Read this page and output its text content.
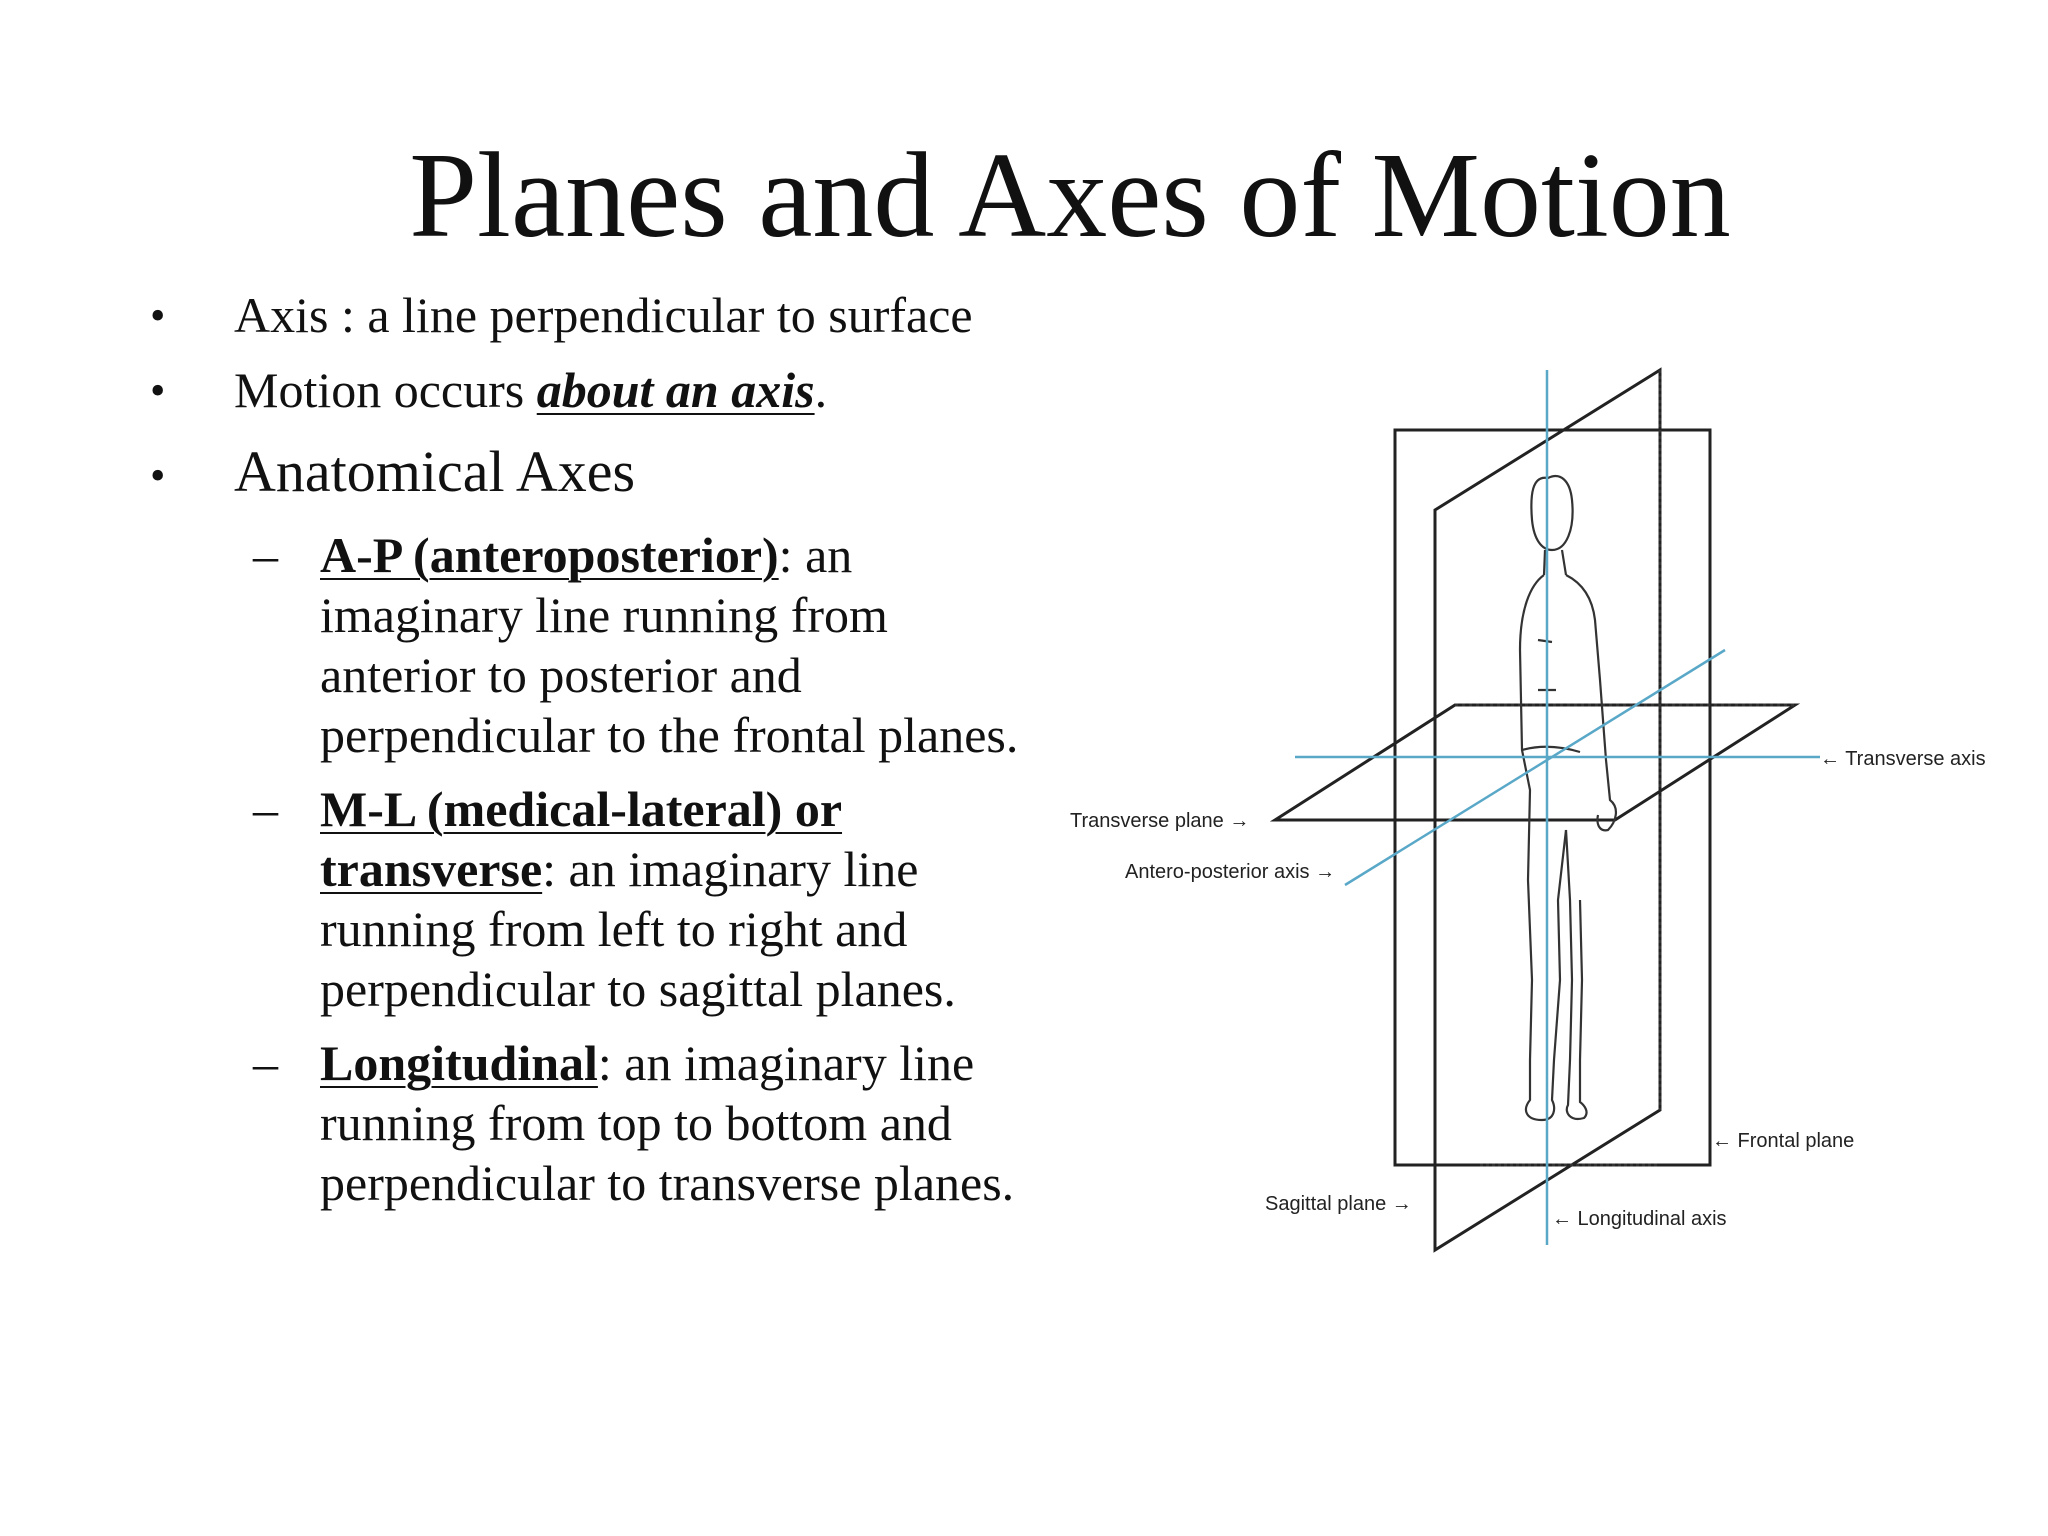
Planes and Axes of Motion

• Axis : a line perpendicular to surface

• Motion occurs about an axis.

• Anatomical Axes

– A-P (anteroposterior): an imaginary line running from anterior to posterior and perpendicular to the frontal planes.

– M-L (medical-lateral) or transverse: an imaginary line running from left to right and perpendicular to sagittal planes.

– Longitudinal: an imaginary line running from top to bottom and perpendicular to transverse planes.

Transverse plane →
Antero-posterior axis →
← Transverse axis
← Frontal plane
Sagittal plane →
← Longitudinal axis
